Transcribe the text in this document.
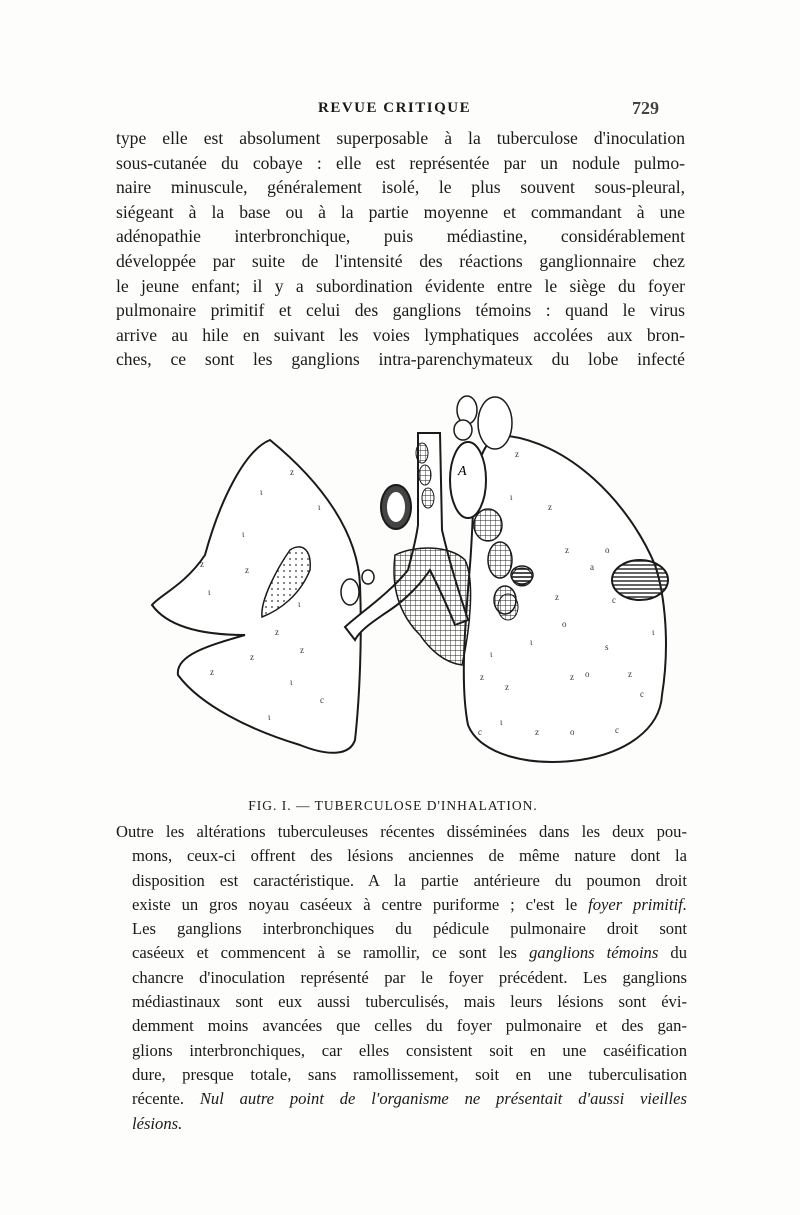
REVUE CRITIQUE	729
type elle est absolument superposable à la tuberculose d'inoculation
sous-cutanée du cobaye : elle est représentée par un nodule pulmo-
naire minuscule, généralement isolé, le plus souvent sous-pleural,
siégeant à la base ou à la partie moyenne et commandant à une
adénopathie interbronchique, puis médiastine, considérablement
développée par suite de l'intensité des réactions ganglionnaire chez
le jeune enfant; il y a subordination évidente entre le siège du foyer
pulmonaire primitif et celui des ganglions témoins : quand le virus
arrive au hile en suivant les voies lymphatiques accolées aux bron-
ches, ce sont les ganglions intra-parenchymateux du lobe infecté
A
z
ɩ
ɩ
ɩ
z
z
ɩ
ɩ
z
z
z
ɩ
c
ɩ
z
z
ɩ
z
z	o
a
z	c
ɩ
o
s
ɩ
ɩ
z
z
z o	z
c
ɩ
z	o	c
c
FIG. I. — TUBERCULOSE D'INHALATION.
Outre les altérations tuberculeuses récentes disséminées dans les deux pou-
mons, ceux-ci offrent des lésions anciennes de même nature dont la
disposition est caractéristique. A la partie antérieure du poumon droit
existe un gros noyau caséeux à centre puriforme ; c'est le foyer primitif.
Les ganglions interbronchiques du pédicule pulmonaire droit sont
caséeux et commencent à se ramollir, ce sont les ganglions témoins du
chancre d'inoculation représenté par le foyer précédent. Les ganglions
médiastinaux sont eux aussi tuberculisés, mais leurs lésions sont évi-
demment moins avancées que celles du foyer pulmonaire et des gan-
glions interbronchiques, car elles consistent soit en une caséification
dure, presque totale, sans ramollissement, soit en une tuberculisation
récente. Nul autre point de l'organisme ne présentait d'aussi vieilles
lésions.
